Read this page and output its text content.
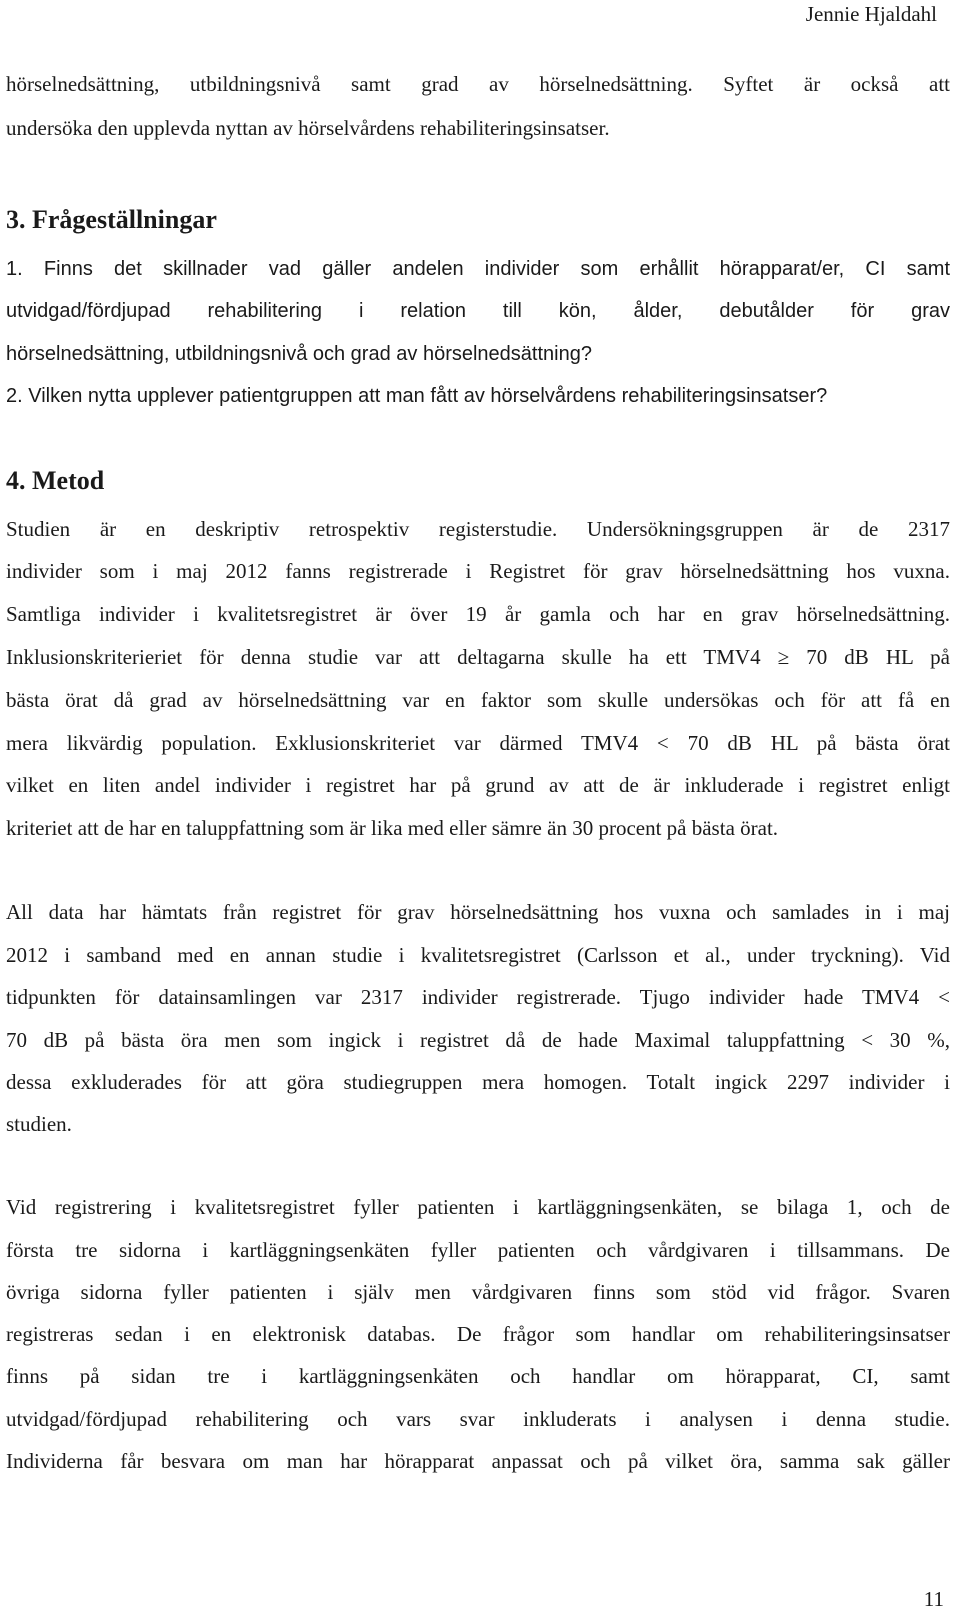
Jennie Hjaldahl
hörselnedsättning, utbildningsnivå samt grad av hörselnedsättning. Syftet är också att
undersöka den upplevda nyttan av hörselvårdens rehabiliteringsinsatser.
3. Frågeställningar
1. Finns det skillnader vad gäller andelen individer som erhållit hörapparat/er, CI samt
utvidgad/fördjupad rehabilitering i relation till kön, ålder, debutålder för grav
hörselnedsättning, utbildningsnivå och grad av hörselnedsättning?
2. Vilken nytta upplever patientgruppen att man fått av hörselvårdens rehabiliteringsinsatser?
4. Metod
Studien är en deskriptiv retrospektiv registerstudie. Undersökningsgruppen är de 2317
individer som i maj 2012 fanns registrerade i Registret för grav hörselnedsättning hos vuxna.
Samtliga individer i kvalitetsregistret är över 19 år gamla och har en grav hörselnedsättning.
Inklusionskriterieriet för denna studie var att deltagarna skulle ha ett TMV4 ≥ 70 dB HL på
bästa örat då grad av hörselnedsättning var en faktor som skulle undersökas och för att få en
mera likvärdig population. Exklusionskriteriet var därmed TMV4 < 70 dB HL på bästa örat
vilket en liten andel individer i registret har på grund av att de är inkluderade i registret enligt
kriteriet att de har en taluppfattning som är lika med eller sämre än 30 procent på bästa örat.
All data har hämtats från registret för grav hörselnedsättning hos vuxna och samlades in i maj
2012 i samband med en annan studie i kvalitetsregistret (Carlsson et al., under tryckning). Vid
tidpunkten för datainsamlingen var 2317 individer registrerade. Tjugo individer hade TMV4 <
70 dB på bästa öra men som ingick i registret då de hade Maximal taluppfattning < 30 %,
dessa exkluderades för att göra studiegruppen mera homogen. Totalt ingick 2297 individer i
studien.
Vid registrering i kvalitetsregistret fyller patienten i kartläggningsenkäten, se bilaga 1, och de
första tre sidorna i kartläggningsenkäten fyller patienten och vårdgivaren i tillsammans. De
övriga sidorna fyller patienten i själv men vårdgivaren finns som stöd vid frågor. Svaren
registreras sedan i en elektronisk databas. De frågor som handlar om rehabiliteringsinsatser
finns på sidan tre i kartläggningsenkäten och handlar om hörapparat, CI, samt
utvidgad/fördjupad rehabilitering och vars svar inkluderats i analysen i denna studie.
Individerna får besvara om man har hörapparat anpassat och på vilket öra, samma sak gäller
11
